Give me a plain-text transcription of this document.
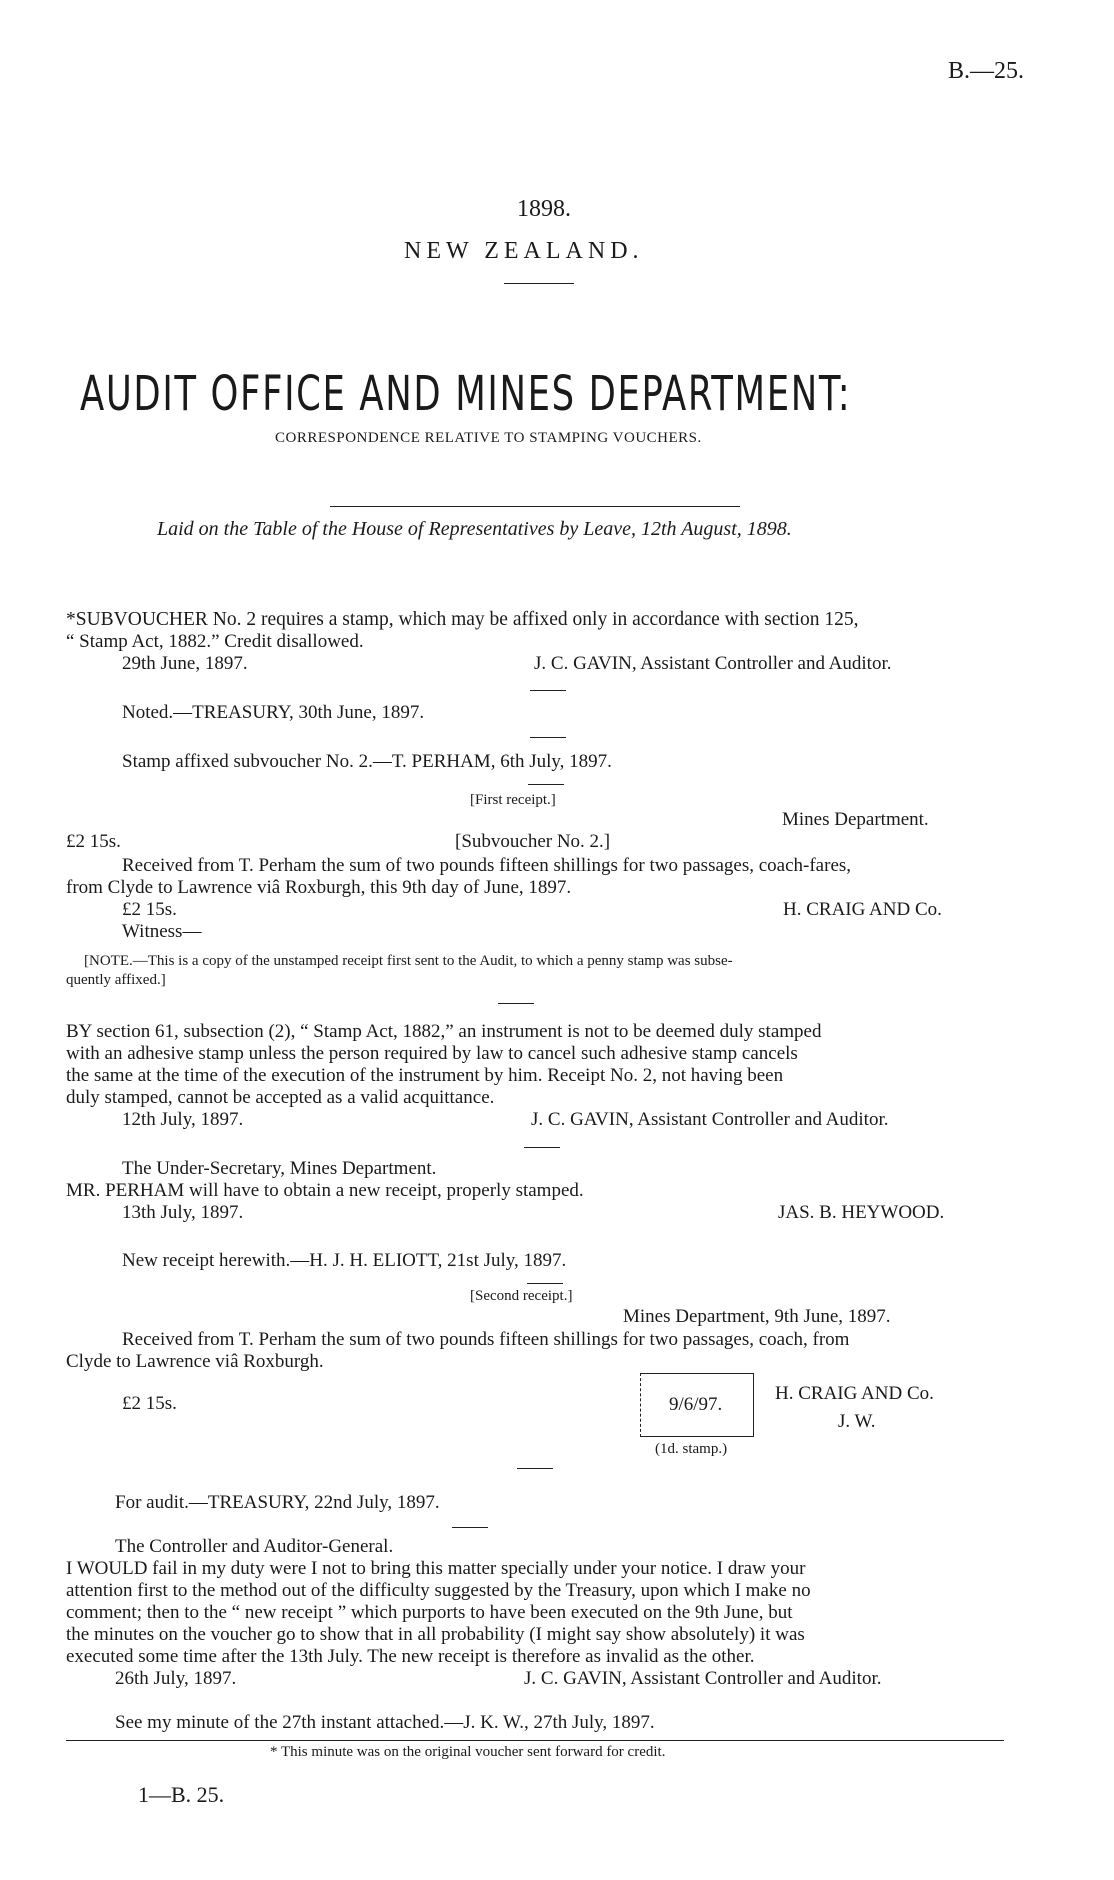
B.—25.
1898.
NEW ZEALAND.
AUDIT OFFICE AND MINES DEPARTMENT:
CORRESPONDENCE RELATIVE TO STAMPING VOUCHERS.
Laid on the Table of the House of Representatives by Leave, 12th August, 1898.
*SUBVOUCHER No. 2 requires a stamp, which may be affixed only in accordance with section 125,
“ Stamp Act, 1882.” Credit disallowed.
29th June, 1897.	J. C. GAVIN, Assistant Controller and Auditor.
Noted.—TREASURY, 30th June, 1897.
Stamp affixed subvoucher No. 2.—T. PERHAM, 6th July, 1897.
[First receipt.]
Mines Department.
£2 15s.	[Subvoucher No. 2.]
Received from T. Perham the sum of two pounds fifteen shillings for two passages, coach-fares,
from Clyde to Lawrence viâ Roxburgh, this 9th day of June, 1897.
£2 15s.	H. CRAIG AND Co.
Witness—
[NOTE.—This is a copy of the unstamped receipt first sent to the Audit, to which a penny stamp was subse-
quently affixed.]
BY section 61, subsection (2), “ Stamp Act, 1882,” an instrument is not to be deemed duly stamped
with an adhesive stamp unless the person required by law to cancel such adhesive stamp cancels
the same at the time of the execution of the instrument by him. Receipt No. 2, not having been
duly stamped, cannot be accepted as a valid acquittance.
12th July, 1897.	J. C. GAVIN, Assistant Controller and Auditor.
The Under-Secretary, Mines Department.
MR. PERHAM will have to obtain a new receipt, properly stamped.
13th July, 1897.	JAS. B. HEYWOOD.
New receipt herewith.—H. J. H. ELIOTT, 21st July, 1897.
[Second receipt.]
Mines Department, 9th June, 1897.
Received from T. Perham the sum of two pounds fifteen shillings for two passages, coach, from
Clyde to Lawrence viâ Roxburgh.
£2 15s.	9/6/97.
(1d. stamp.)
H. CRAIG AND Co.
J. W.
For audit.—TREASURY, 22nd July, 1897.
The Controller and Auditor-General.
I WOULD fail in my duty were I not to bring this matter specially under your notice. I draw your
attention first to the method out of the difficulty suggested by the Treasury, upon which I make no
comment; then to the “ new receipt ” which purports to have been executed on the 9th June, but
the minutes on the voucher go to show that in all probability (I might say show absolutely) it was
executed some time after the 13th July. The new receipt is therefore as invalid as the other.
26th July, 1897.	J. C. GAVIN, Assistant Controller and Auditor.
See my minute of the 27th instant attached.—J. K. W., 27th July, 1897.
* This minute was on the original voucher sent forward for credit.
1—B. 25.
